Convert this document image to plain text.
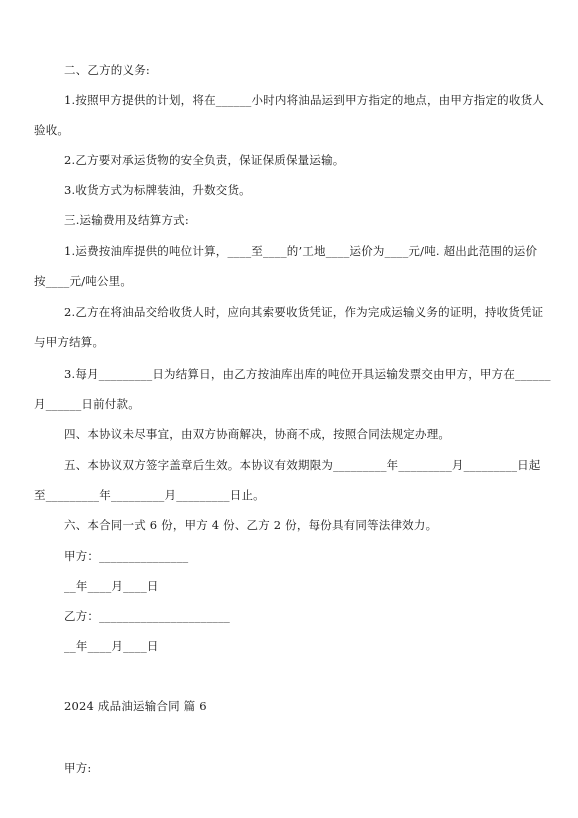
二、乙方的义务:
1.按照甲方提供的计划，将在______小时内将油品运到甲方指定的地点，由甲方指定的收货人
验收。
2.乙方要对承运货物的安全负责，保证保质保量运输。
3.收货方式为标牌装油，升数交货。
三.运输费用及结算方式:
1.运费按油库提供的吨位计算，____至____的’工地____运价为____元/吨. 超出此范围的运价
按____元/吨公里。
2.乙方在将油品交给收货人时，应向其索要收货凭证，作为完成运输义务的证明，持收货凭证
与甲方结算。
3.每月_________日为结算日，由乙方按油库出库的吨位开具运输发票交由甲方，甲方在______
月______日前付款。
四、本协议未尽事宜，由双方协商解决，协商不成，按照合同法规定办理。
五、本协议双方签字盖章后生效。本协议有效期限为_________年_________月_________日起
至_________年_________月_________日止。
六、本合同一式 6 份，甲方 4 份、乙方 2 份，每份具有同等法律效力。
甲方：_______________
__年____月____日
乙方：______________________
__年____月____日
2024 成品油运输合同 篇 6
甲方:
